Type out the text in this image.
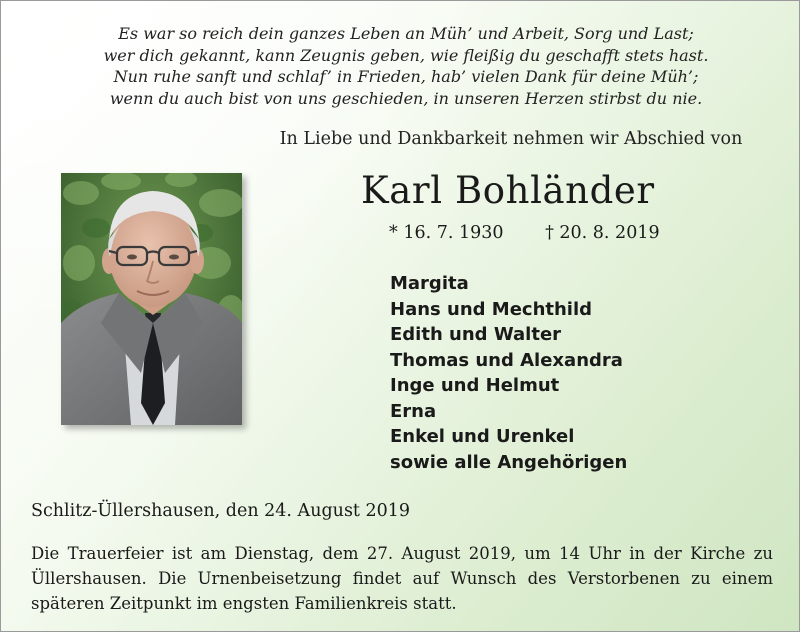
Es war so reich dein ganzes Leben an Müh’ und Arbeit, Sorg und Last;
wer dich gekannt, kann Zeugnis geben, wie fleißig du geschafft stets hast.
Nun ruhe sanft und schlaf’ in Frieden, hab’ vielen Dank für deine Müh’;
wenn du auch bist von uns geschieden, in unseren Herzen stirbst du nie.
In Liebe und Dankbarkeit nehmen wir Abschied von
Karl Bohländer
* 16. 7. 1930 † 20. 8. 2019
Margita
Hans und Mechthild
Edith und Walter
Thomas und Alexandra
Inge und Helmut
Erna
Enkel und Urenkel
sowie alle Angehörigen
Schlitz-Üllershausen, den 24. August 2019
Die Trauerfeier ist am Dienstag, dem 27. August 2019, um 14 Uhr in der Kirche zu Üllershausen. Die Urnenbeisetzung findet auf Wunsch des Verstorbenen zu einem späteren Zeitpunkt im engsten Familienkreis statt.
